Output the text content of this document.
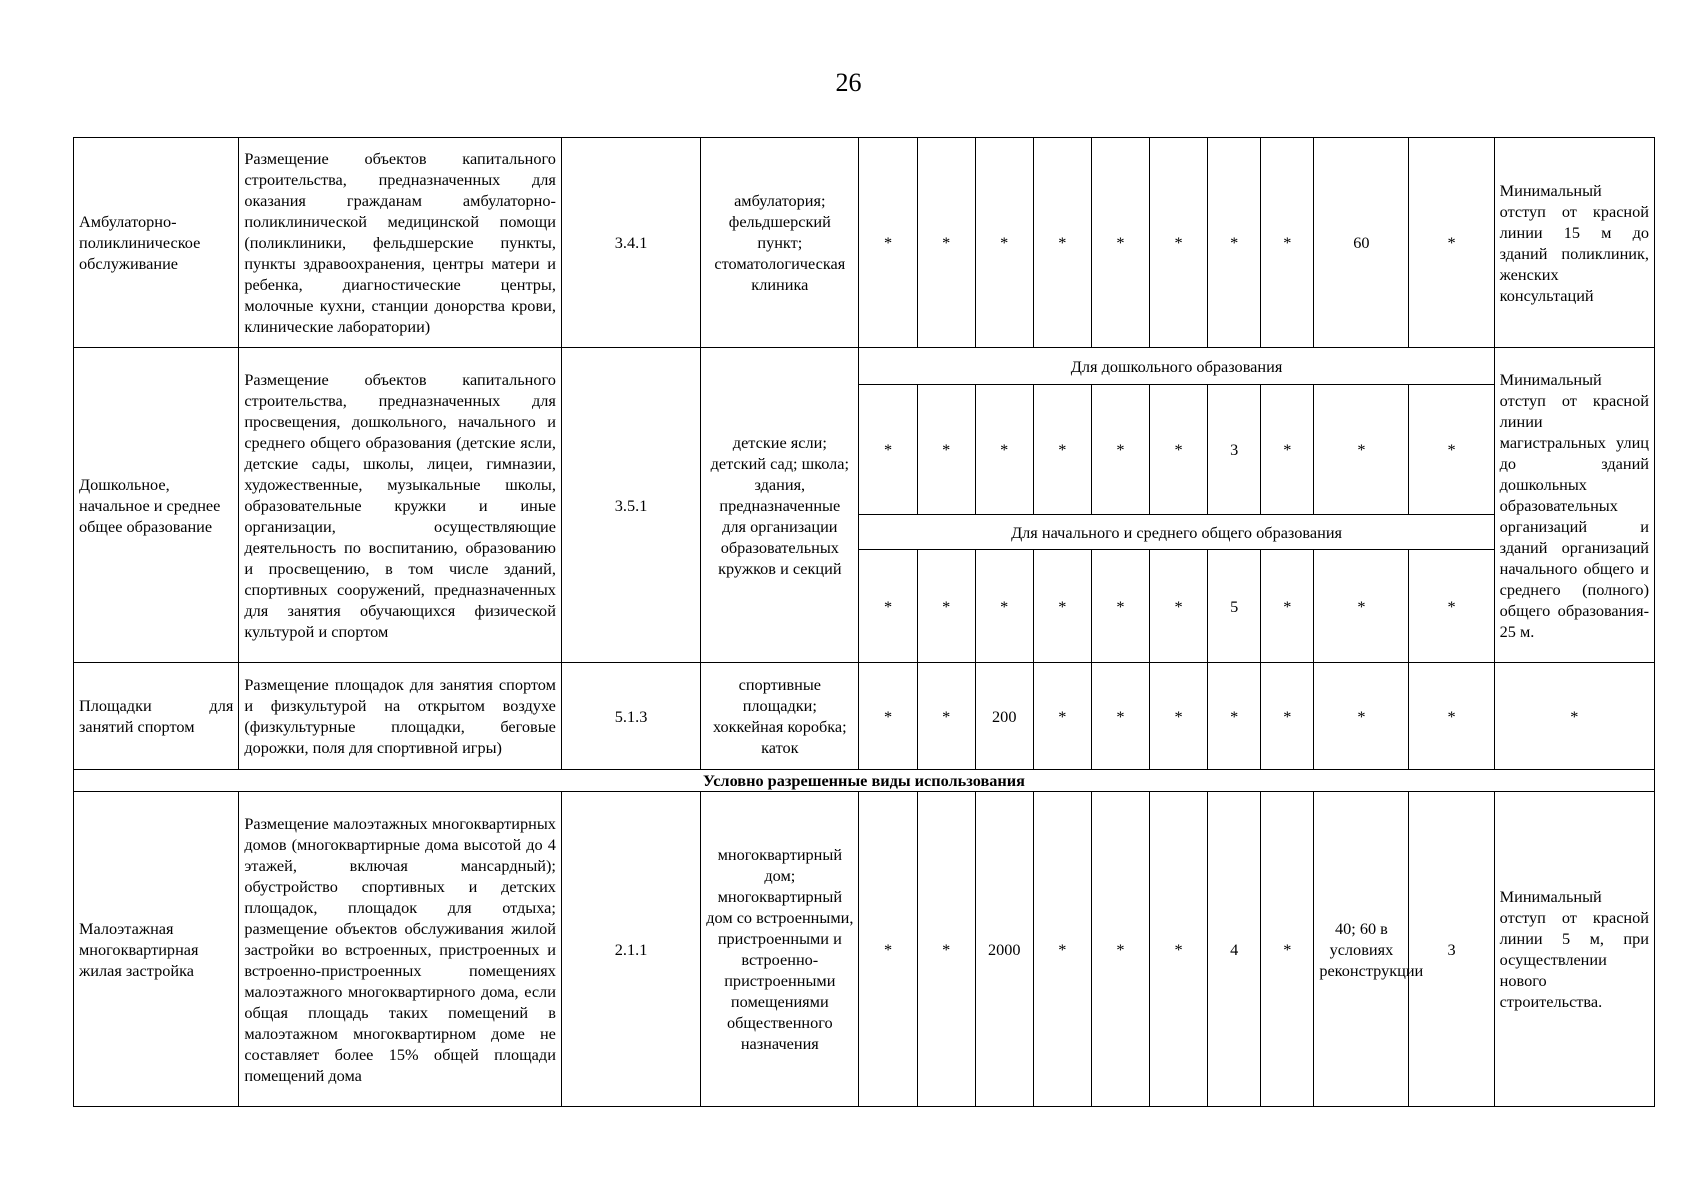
26
Амбулаторно-поликлиническое обслуживание	Размещение объектов капитального строительства, предназначенных для оказания гражданам амбулаторно-поликлинической медицинской помощи (поликлиники, фельдшерские пункты, пункты здравоохранения, центры матери и ребенка, диагностические центры, молочные кухни, станции донорства крови, клинические лаборатории)	3.4.1	амбулатория; фельдшерский пункт; стоматологическая клиника	*	*	*	*	*	*	*	*	60	*	Минимальный отступ от красной линии 15 м до зданий поликлиник, женских консультаций
Дошкольное, начальное и среднее общее образование	Размещение объектов капитального строительства, предназначенных для просвещения, дошкольного, начального и среднего общего образования (детские ясли, детские сады, школы, лицеи, гимназии, художественные, музыкальные школы, образовательные кружки и иные организации, осуществляющие деятельность по воспитанию, образованию и просвещению, в том числе зданий, спортивных сооружений, предназначенных для занятия обучающихся физической культурой и спортом	3.5.1	детские ясли; детский сад; школа; здания, предназначенные для организации образовательных кружков и секций	Для дошкольного образования										Минимальный отступ от красной линии магистральных улиц до зданий дошкольных образовательных организаций и зданий организаций начального общего и среднего (полного) общего образования- 25 м.
				*	*	*	*	*	*	3	*	*	*	
				Для начального и среднего общего образования										
				*	*	*	*	*	*	5	*	*	*	
Площадки для занятий спортом	Размещение площадок для занятия спортом и физкультурой на открытом воздухе (физкультурные площадки, беговые дорожки, поля для спортивной игры)	5.1.3	спортивные площадки; хоккейная коробка; каток	*	*	200	*	*	*	*	*	*	*	*
Условно разрешенные виды использования														
Малоэтажная многоквартирная жилая застройка	Размещение малоэтажных многоквартирных домов (многоквартирные дома высотой до 4 этажей, включая мансардный); обустройство спортивных и детских площадок, площадок для отдыха; размещение объектов обслуживания жилой застройки во встроенных, пристроенных и встроенно-пристроенных помещениях малоэтажного многоквартирного дома, если общая площадь таких помещений в малоэтажном многоквартирном доме не составляет более 15% общей площади помещений дома	2.1.1	многоквартирный дом; многоквартирный дом со встроенными, пристроенными и встроенно-пристроенными помещениями общественного назначения	*	*	2000	*	*	*	4	*	40; 60 в условиях реконструкции	3	Минимальный отступ от красной линии 5 м, при осуществлении нового строительства.
